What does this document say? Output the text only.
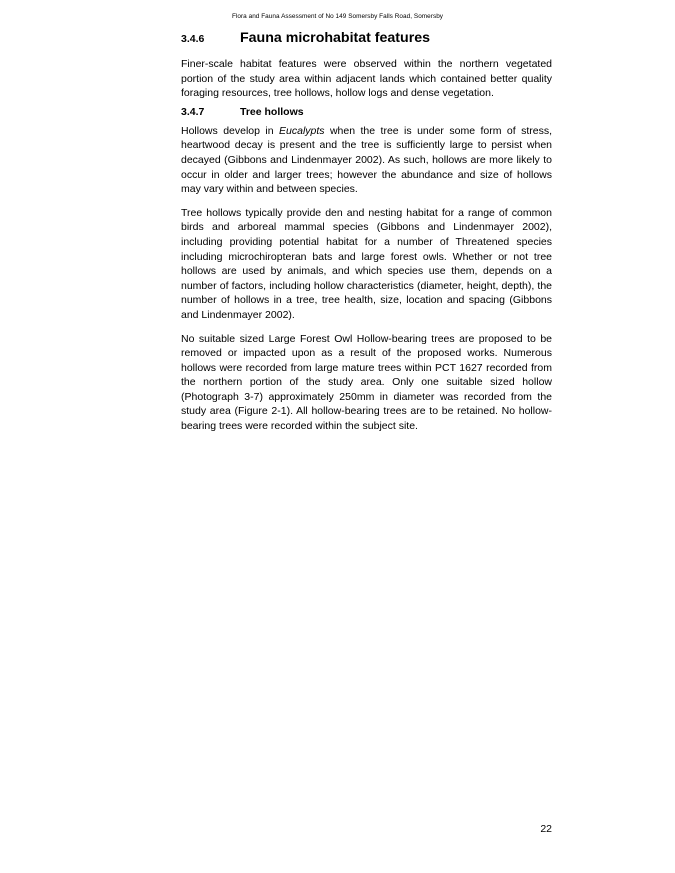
Flora and Fauna Assessment of No 149 Somersby Falls Road, Somersby
3.4.6	Fauna microhabitat features

Finer-scale habitat features were observed within the northern vegetated portion of the study area within adjacent lands which contained better quality foraging resources, tree hollows, hollow logs and dense vegetation.

3.4.7	Tree hollows

Hollows develop in Eucalypts when the tree is under some form of stress, heartwood decay is present and the tree is sufficiently large to persist when decayed (Gibbons and Lindenmayer 2002). As such, hollows are more likely to occur in older and larger trees; however the abundance and size of hollows may vary within and between species.

Tree hollows typically provide den and nesting habitat for a range of common birds and arboreal mammal species (Gibbons and Lindenmayer 2002), including providing potential habitat for a number of Threatened species including microchiropteran bats and large forest owls. Whether or not tree hollows are used by animals, and which species use them, depends on a number of factors, including hollow characteristics (diameter, height, depth), the number of hollows in a tree, tree health, size, location and spacing (Gibbons and Lindenmayer 2002).

No suitable sized Large Forest Owl Hollow-bearing trees are proposed to be removed or impacted upon as a result of the proposed works. Numerous hollows were recorded from large mature trees within PCT 1627 recorded from the northern portion of the study area. Only one suitable sized hollow (Photograph 3-7) approximately 250mm in diameter was recorded from the study area (Figure 2-1). All hollow-bearing trees are to be retained. No hollow-bearing trees were recorded within the subject site.

22
